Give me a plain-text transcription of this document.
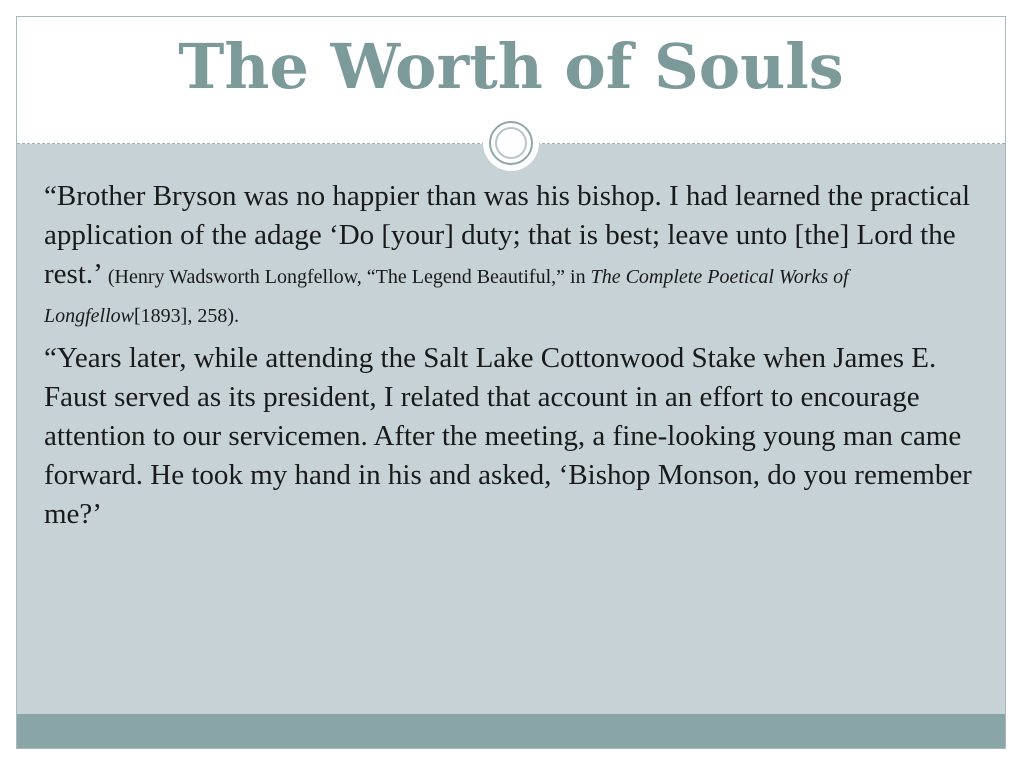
The Worth of Souls

“Brother Bryson was no happier than was his bishop. I had learned the practical application of the adage ‘Do [your] duty; that is best; leave unto [the] Lord the rest.’ (Henry Wadsworth Longfellow, “The Legend Beautiful,” in The Complete Poetical Works of Longfellow[1893], 258).

“Years later, while attending the Salt Lake Cottonwood Stake when James E. Faust served as its president, I related that account in an effort to encourage attention to our servicemen. After the meeting, a fine-looking young man came forward. He took my hand in his and asked, ‘Bishop Monson, do you remember me?’
